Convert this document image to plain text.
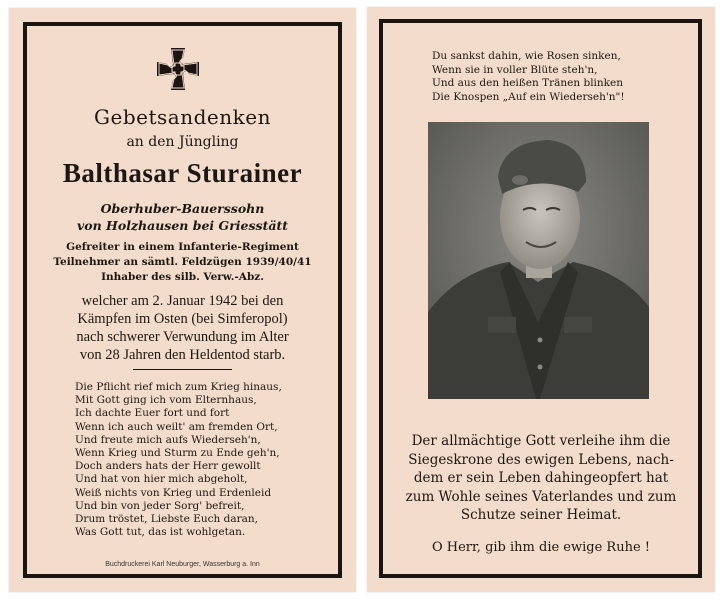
1939
Gebetsandenken
an den Jüngling
Balthasar Sturainer
Oberhuber-Bauerssohn
von Holzhausen bei Griesstätt
Gefreiter in einem Infanterie-Regiment
Teilnehmer an sämtl. Feldzügen 1939/40/41
Inhaber des silb. Verw.-Abz.
welcher am 2. Januar 1942 bei den
Kämpfen im Osten (bei Simferopol)
nach schwerer Verwundung im Alter
von 28 Jahren den Heldentod starb.
Die Pflicht rief mich zum Krieg hinaus,
Mit Gott ging ich vom Elternhaus,
Ich dachte Euer fort und fort
Wenn ich auch weilt' am fremden Ort,
Und freute mich aufs Wiederseh'n,
Wenn Krieg und Sturm zu Ende geh'n,
Doch anders hats der Herr gewollt
Und hat von hier mich abgeholt,
Weiß nichts von Krieg und Erdenleid
Und bin von jeder Sorg' befreit,
Drum tröstet, Liebste Euch daran,
Was Gott tut, das ist wohlgetan.
Buchdruckerei Karl Neuburger, Wasserburg a. Inn
Du sankst dahin, wie Rosen sinken,
Wenn sie in voller Blüte steh'n,
Und aus den heißen Tränen blinken
Die Knospen „Auf ein Wiederseh'n"!
Der allmächtige Gott verleihe ihm die
Siegeskrone des ewigen Lebens, nach-
dem er sein Leben dahingeopfert hat
zum Wohle seines Vaterlandes und zum
Schutze seiner Heimat.
O Herr, gib ihm die ewige Ruhe !
